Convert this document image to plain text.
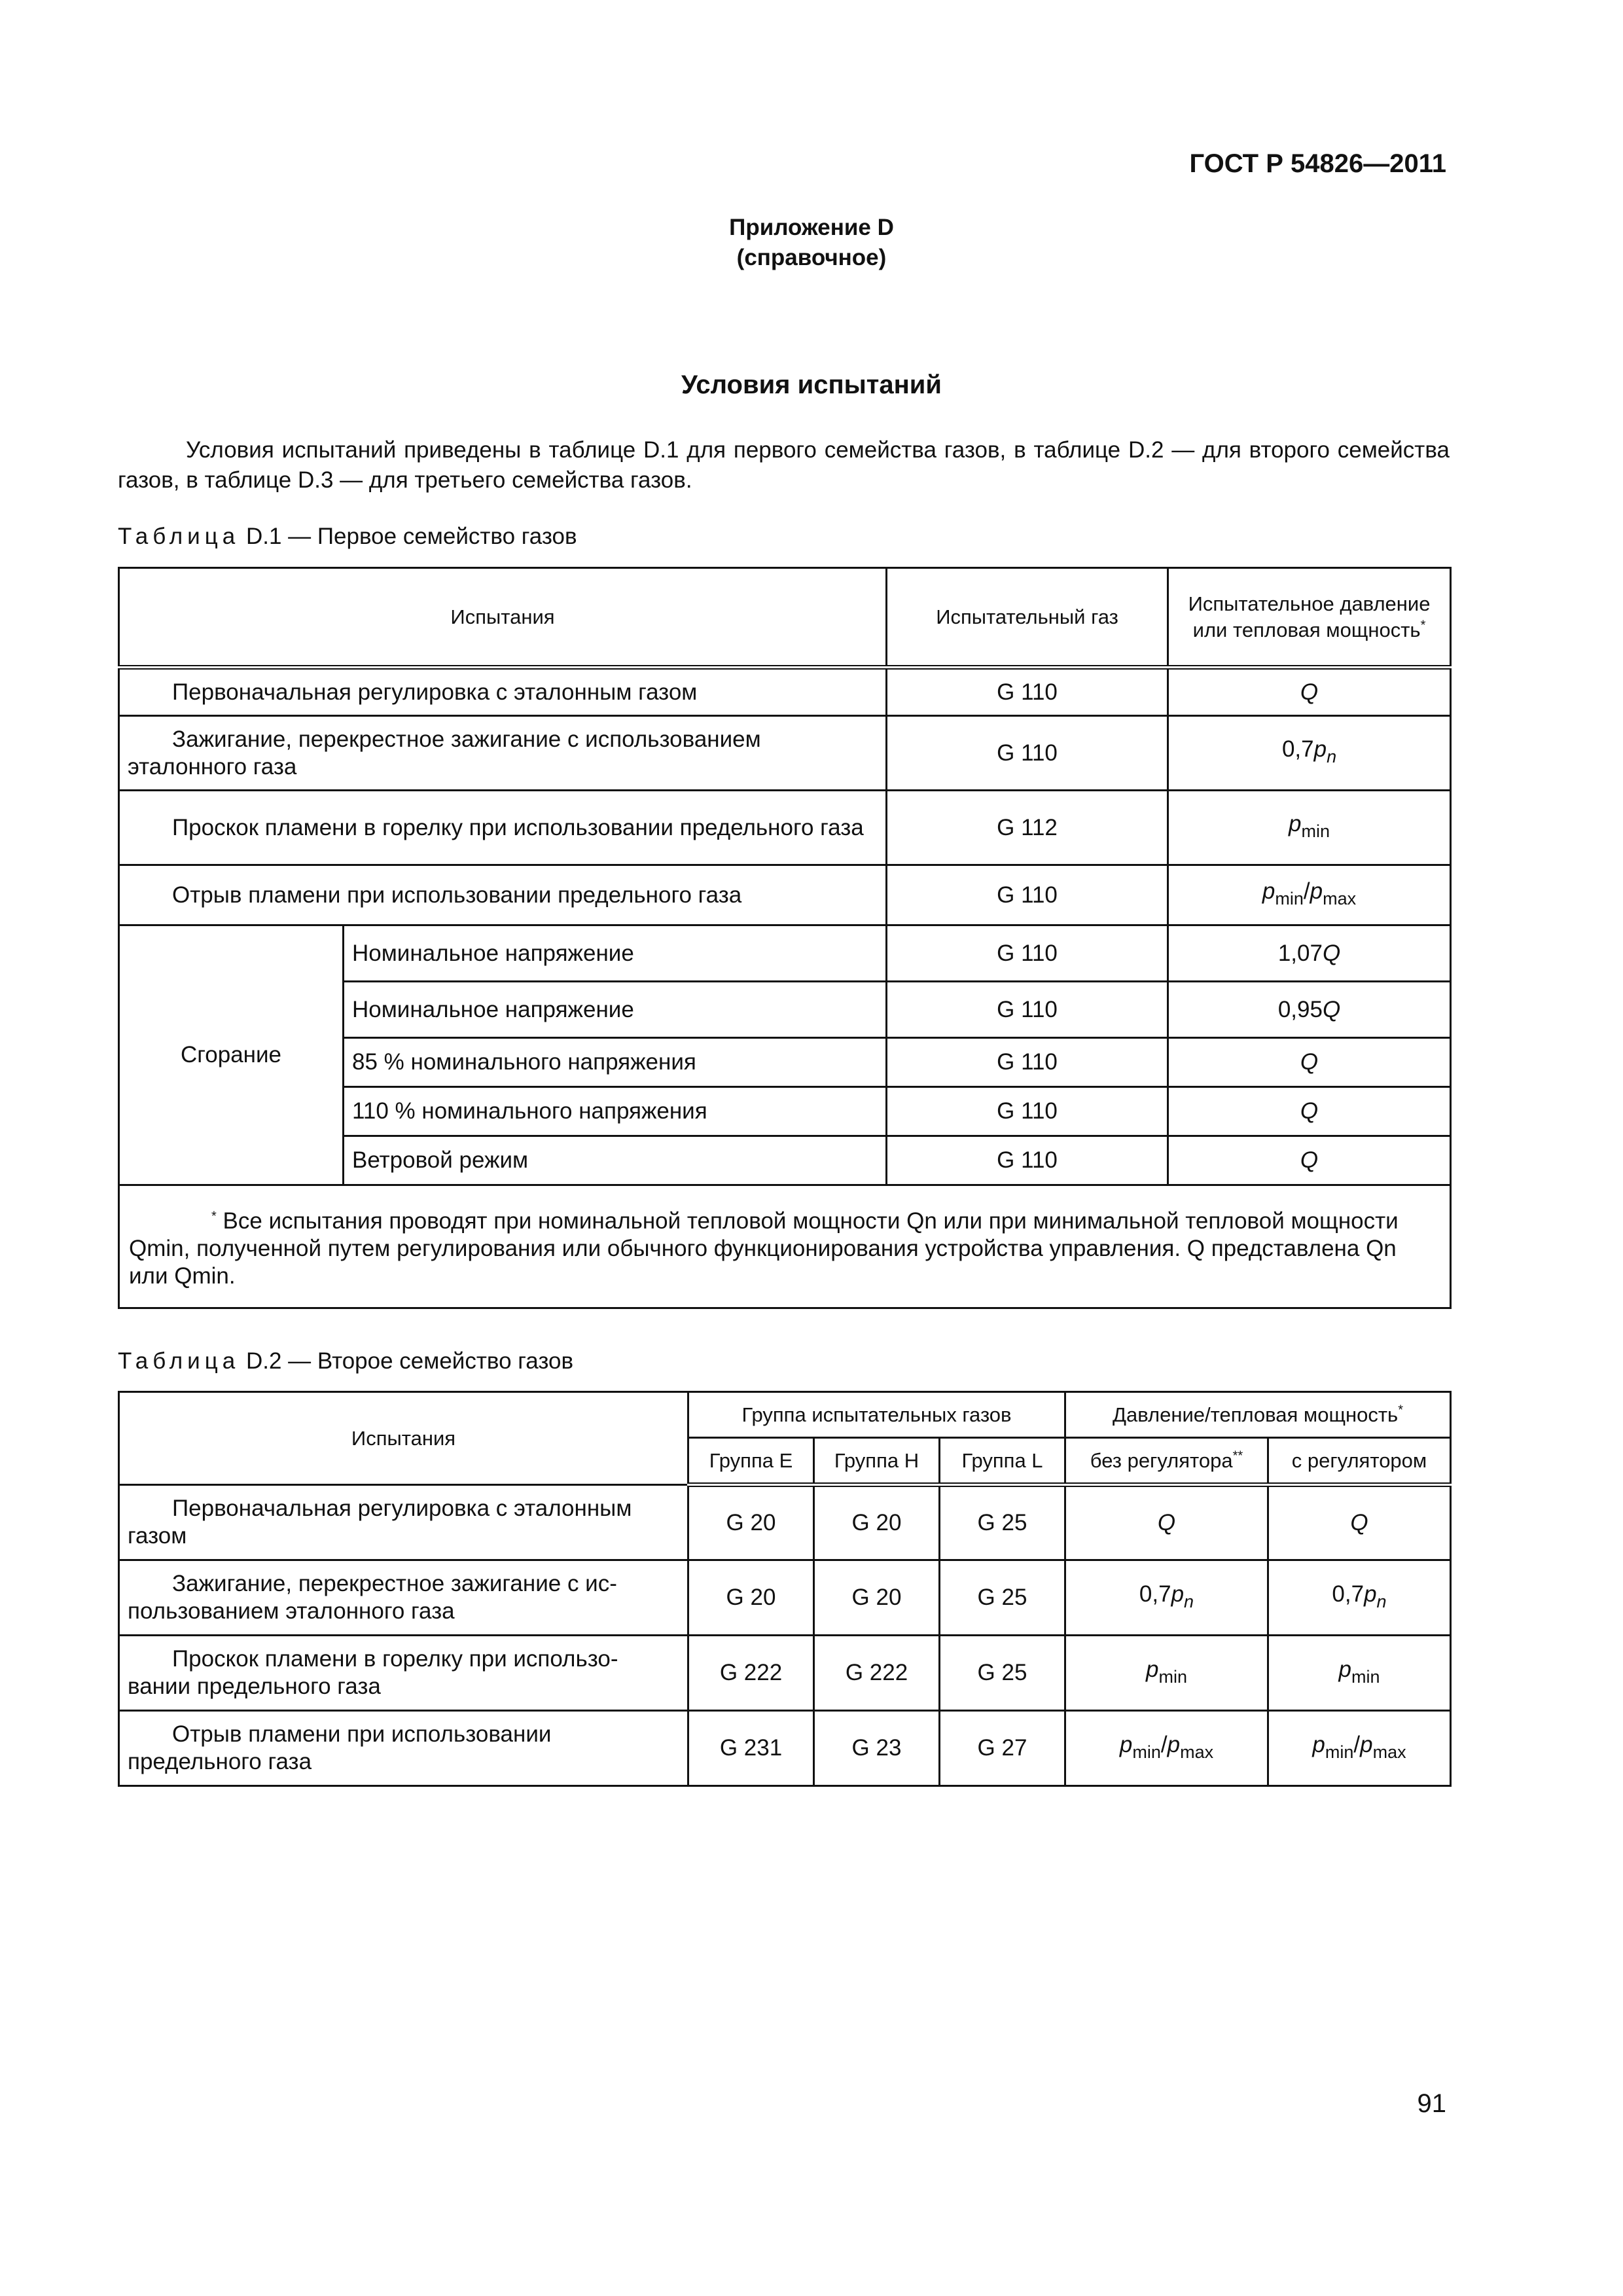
ГОСТ Р 54826—2011
Приложение D
(справочное)
Условия испытаний
Условия испытаний приведены в таблице D.1 для первого семейства газов, в таблице D.2 — для второго семейства газов, в таблице D.3 — для третьего семейства газов.
Таблица D.1 — Первое семейство газов
Испытания		Испытательный газ	Испытательное давление или тепловая мощность*
Первоначальная регулировка с эталонным газом		G 110	Q
Зажигание, перекрестное зажигание с использованием эталонного газа		G 110	$0,7p_n$
Проскок пламени в горелку при использовании предельного газа		G 112	$p_{min}$
Отрыв пламени при использовании предельного газа		G 110	$p_{min}/p_{max}$
Сгорание	Номинальное напряжение	G 110	1,07Q
	Номинальное напряжение	G 110	0,95Q
	85 % номинального напряжения	G 110	Q
	110 % номинального напряжения	G 110	Q
	Ветровой режим	G 110	Q

* Все испытания проводят при номинальной тепловой мощности Qn или при минимальной тепловой мощности Qmin, полученной путем регулирования или обычного функционирования устройства управления. Q представлена Qn или Qmin.			
Таблица D.2 — Второе семейство газов
Испытания	Группа испытательных газов			Давление/тепловая мощность*
	Группа Е	Группа Н	Группа L	без регулятора**	с регулятором
Первоначальная регулировка с эталонным газом	G 20	G 20	G 25	Q	Q
Зажигание, перекрестное зажигание с ис-пользованием эталонного газа	G 20	G 20	G 25	$0,7p_n$	$0,7p_n$
Проскок пламени в горелку при использо-вании предельного газа	G 222	G 222	G 25	$p_{min}$	$p_{min}$
Отрыв пламени при использовании предельного газа	G 231	G 23	G 27	$p_{min}/p_{max}$	$p_{min}/p_{max}$
91
